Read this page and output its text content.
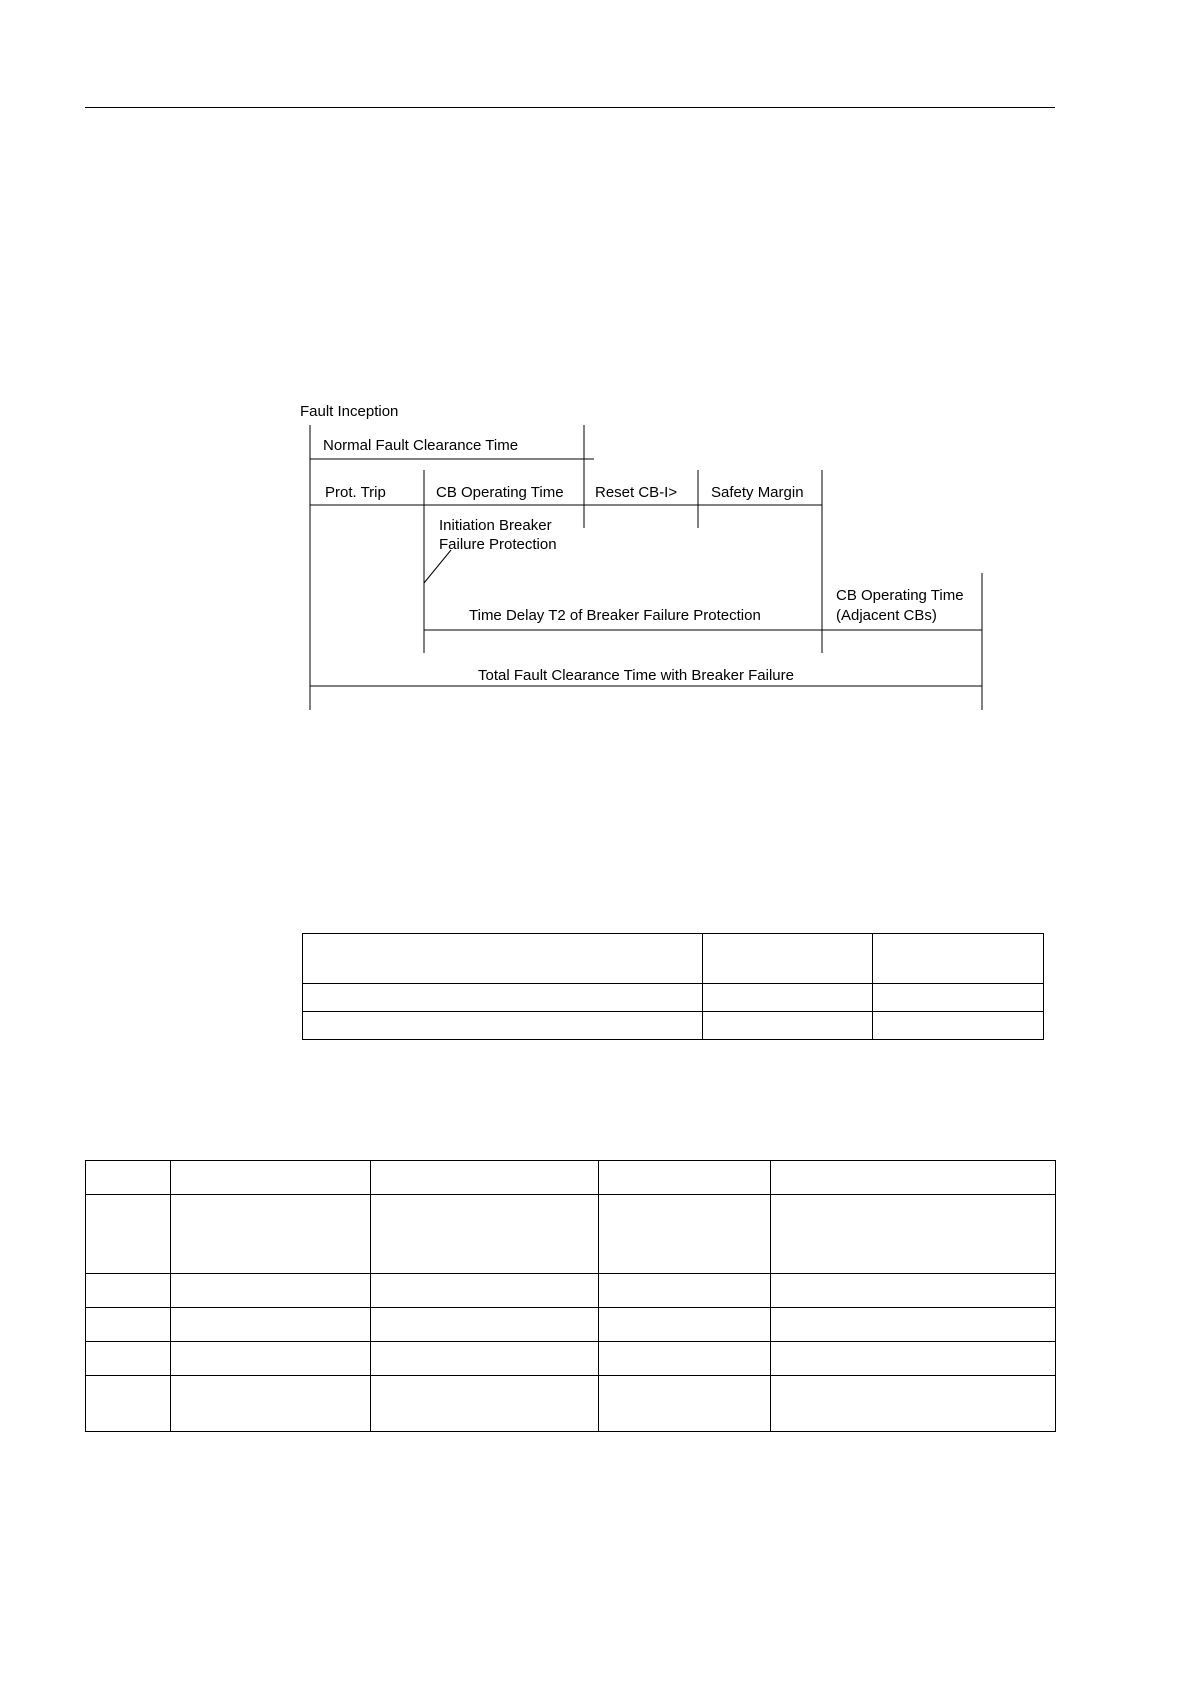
Fault Inception
Normal Fault Clearance Time
Prot. Trip	CB Operating Time Reset CB-I> Safety Margin
Initiation Breaker
Failure Protection
Time Delay T2 of Breaker Failure Protection
CB Operating Time
(Adjacent CBs)
Total Fault Clearance Time with Breaker Failure
